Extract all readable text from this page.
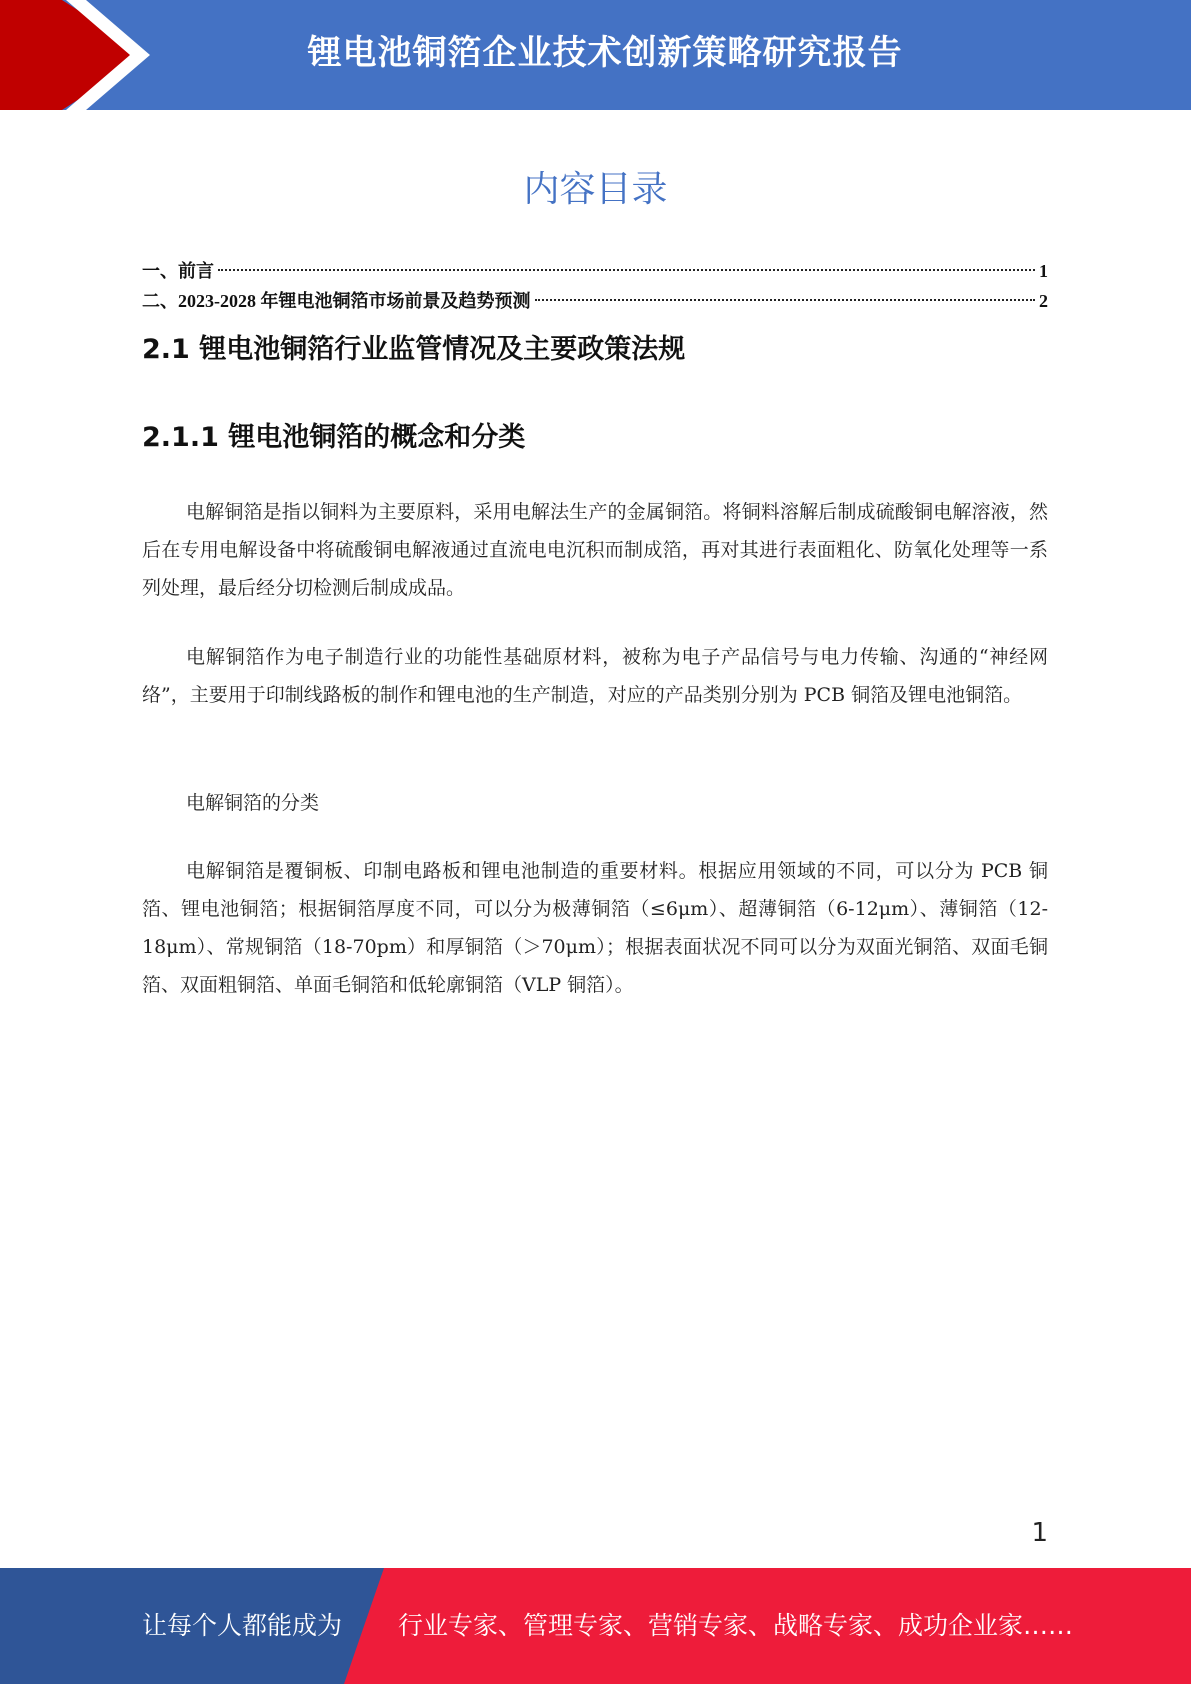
锂电池铜箔企业技术创新策略研究报告
内容目录
一、前言	1
二、2023-2028 年锂电池铜箔市场前景及趋势预测	2
2.1 锂电池铜箔行业监管情况及主要政策法规
2.1.1 锂电池铜箔的概念和分类

电解铜箔是指以铜料为主要原料，采用电解法生产的金属铜箔。将铜料溶解后制成硫酸铜电解溶液，然后在专用电解设备中将硫酸铜电解液通过直流电电沉积而制成箔，再对其进行表面粗化、防氧化处理等一系列处理，最后经分切检测后制成成品。

电解铜箔作为电子制造行业的功能性基础原材料，被称为电子产品信号与电力传输、沟通的“神经网络”，主要用于印制线路板的制作和锂电池的生产制造，对应的产品类别分别为 PCB 铜箔及锂电池铜箔。

电解铜箔的分类

电解铜箔是覆铜板、印制电路板和锂电池制造的重要材料。根据应用领域的不同，可以分为 PCB 铜箔、锂电池铜箔；根据铜箔厚度不同，可以分为极薄铜箔（≤6μm）、超薄铜箔（6-12μm）、薄铜箔（12-18μm）、常规铜箔（18-70pm）和厚铜箔（＞70μm）；根据表面状况不同可以分为双面光铜箔、双面毛铜箔、双面粗铜箔、单面毛铜箔和低轮廓铜箔（VLP 铜箔）。

1
让每个人都能成为 行业专家、管理专家、营销专家、战略专家、成功企业家……
